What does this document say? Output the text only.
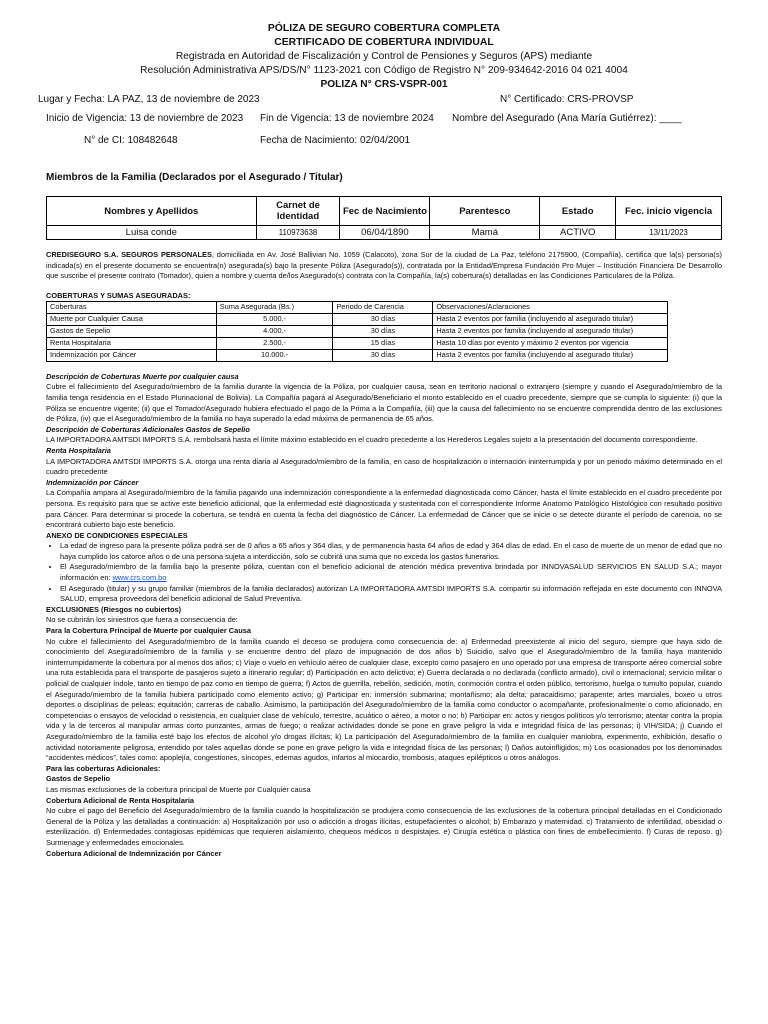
PÓLIZA DE SEGURO COBERTURA COMPLETA
CERTIFICADO DE COBERTURA INDIVIDUAL
Registrada en Autoridad de Fiscalización y Control de Pensiones y Seguros (APS) mediante
Resolución Administrativa APS/DS/N° 1123-2021 con Código de Registro N° 209-934642-2016 04 021 4004
POLIZA N° CRS-VSPR-001
Lugar y Fecha: LA PAZ, 13 de noviembre de 2023	N° Certificado: CRS-PROVSP
Inicio de Vigencia: 13 de noviembre de 2023 Fin de Vigencia: 13 de noviembre 2024 Nombre del Asegurado (Ana María Gutiérrez): ____
N° de CI: 108482648	Fecha de Nacimiento: 02/04/2001
Miembros de la Familia (Declarados por el Asegurado / Titular)
Nombres y Apellidos	Carnet de Identidad	Fec de Nacimiento	Parentesco	Estado	Fec. inicio vigencia
Luisa conde	110973638	06/04/1890	Mamá	ACTIVO	13/11/2023

CREDISEGURO S.A. SEGUROS PERSONALES, domiciliada en Av. José Ballivian No. 1059 (Calacoto), zona Sur de la ciudad de La Paz, teléfono 2175900, (Compañía), certifica que la(s) persona(s) indicada(s) en el presente documento se encuentra(n) asegurada(s) bajo la presente Póliza (Asegurado(s)), contratada por la Entidad/Empresa Fundación Pro Mujer – Institución Financiera De Desarrollo que suscribe el presente contrato (Tomador), quien a nombre y cuenta de/los Asegurado(s) contrata con la Compañía, la(s) cobertura(s) detalladas en las Condiciones Particulares de la Póliza.

COBERTURAS Y SUMAS ASEGURADAS:
Coberturas	Suma Asegurada (Bs.)	Periodo de Carencia	Observaciones/Aclaraciones
Muerte por Cualquier Causa	5.000.-	30 días	Hasta 2 eventos por familia (incluyendo al asegurado titular)
Gastos de Sepelio	4.000.-	30 días	Hasta 2 eventos por familia (incluyendo al asegurado titular)
Renta Hospitalaria	2.500.-	15 días	Hasta 10 días por evento y máximo 2 eventos por vigencia
Indemnización por Cáncer	10.000.-	30 días	Hasta 2 eventos por familia (incluyendo al asegurado titular)

Descripción de Coberturas Muerte por cualquier causa

Cubre el fallecimiento del Asegurado/miembro de la familia durante la vigencia de la Póliza, por cualquier causa, sean en territorio nacional o extranjero (siempre y cuando el Asegurado/miembro de la familia tenga residencia en el Estado Plurinacional de Bolivia). La Compañía pagará al Asegurado/Beneficiario el monto establecido en el cuadro precedente, siempre que se cumpla lo siguiente: (i) que la Póliza se encuentre vigente; (ii) que el Tomador/Asegurado hubiera efectuado el pago de la Prima a la Compañía, (iii) que la causa del fallecimiento no se encuentre comprendida dentro de las exclusiones de Póliza, (iv) que el Asegurado/miembro de la familia no haya superado la edad máxima de permanencia de 65 años.

Descripción de Coberturas Adicionales Gastos de Sepelio

LA IMPORTADORA AMTSDI IMPORTS S.A. rembolsará hasta el límite máximo establecido en el cuadro precedente a los Herederos Legales sujeto a la presentación del documento correspondiente.

Renta Hospitalaria

LA IMPORTADORA AMTSDI IMPORTS S.A. otorga una renta diaria al Asegurado/miembro de la familia, en caso de hospitalización o internación ininterrumpida y por un periodo máximo determinado en el cuadro precedente

Indemnización por Cáncer

La Compañía ampara al Asegurado/miembro de la familia pagando una indemnización correspondiente a la enfermedad diagnosticada como Cáncer, hasta el límite establecido en el cuadro precedente por persona. Es requisito para que se active este beneficio adicional, que la enfermedad esté diagnosticada y sustentada con el correspondiente Informe Anatomo Patológico Histológico con resultado positivo para Cáncer. Para determinar si procede la cobertura, se tendrá en cuenta la fecha del diagnóstico de Cáncer. La enfermedad de Cáncer que se inicie o se detecte durante el período de carencia, no se encontrará cubierto bajo este beneficio.

ANEXO DE CONDICIONES ESPECIALES

• La edad de ingreso para la presente póliza podrá ser de 0 años a 65 años y 364 días, y de permanencia hasta 64 años de edad y 364 días de edad. En el caso de muerte de un menor de edad que no haya cumplido los catorce años o de una persona sujeta a interdicción, solo se cubrirá una suma que no exceda los gastos funerarios.
• El Asegurado/miembro de la familia bajo la presente póliza, cuentan con el beneficio adicional de atención médica preventiva brindada por INNOVASALUD SERVICIOS EN SALUD S.A.; mayor información en: www.crs.com.bo
• El Asegurado (titular) y su grupo familiar (miembros de la familia declarados) autorizan LA IMPORTADORA AMTSDI IMPORTS S.A. compartir su información reflejada en este documento con INNOVA SALUD, empresa proveedora del beneficio adicional de Salud Preventiva.

EXCLUSIONES (Riesgos no cubiertos)

No se cubrirán los siniestros que fuera a consecuencia de:

Para la Cobertura Principal de Muerte por cualquier Causa

No cubre el fallecimiento del Asegurado/miembro de la familia cuando el deceso se produjera como consecuencia de: a) Enfermedad preexistente al inicio del seguro, siempre que haya sido de conocimiento del Asegurado/miembro de la familia y se encuentre dentro del plazo de impugnación de dos años b) Suicidio, salvo que el Asegurado/miembro de la familia haya mantenido ininterrumpidamente la cobertura por al menos dos años; c) Viaje o vuelo en vehículo aéreo de cualquier clase, excepto como pasajero en uno operado por una empresa de transporte aéreo comercial sobre una ruta establecida para el transporte de pasajeros sujeto a itinerario regular; d) Participación en acto delictivo; e) Guerra declarada o no declarada (conflicto armado), civil o internacional; servicio militar o policial de cualquier índole, tanto en tiempo de paz como en tiempo de guerra; f) Actos de guerrilla, rebelión, sedición, motín, conmoción contra el orden público, terrorismo, huelga o tumulto popular, cuando el Asegurado/miembro de la familia hubiera participado como elemento activo; g) Participar en: inmersión submarina; montañismo; ala delta; paracaidismo; parapente; artes marciales, boxeo u otros deportes o disciplinas de peleas; equitación; carreras de caballo. Asimismo, la participación del Asegurado/miembro de la familia como conductor o acompañante, profesionalmente o como aficionado, en competencias o ensayos de velocidad o resistencia, en cualquier clase de vehículo, terrestre, acuático o aéreo, a motor o no; h) Participar en: actos y riesgos políticos y/o terrorismo; atentar contra la propia vida y la de terceros al manipular armas corto punzantes, armas de fuego; o realizar actividades donde se pone en grave peligro la vida e integridad física de las personas; i) VIH/SIDA; j) Cuando el Asegurado/miembro de la familia esté bajo los efectos de alcohol y/o drogas ilícitas; k) La participación del Asegurado/miembro de la familia en cualquier maniobra, experimento, exhibición, desafío o actividad notoriamente peligrosa, entendido por tales aquellas donde se pone en grave peligro la vida e integridad física de las personas; l) Daños autoinfligidos; m) Los ocasionados por los denominados “accidentes médicos”, tales como: apoplejía, congestiones, síncopes, edemas agudos, infartos al miocardio, trombosis, ataques epilépticos u otros análogos.

Para las coberturas Adicionales:

Gastos de Sepelio

Las mismas exclusiones de la cobertura principal de Muerte por Cualquier causa

Cobertura Adicional de Renta Hospitalaria

No cubre el pago del Beneficio del Asegurado/miembro de la familia cuando la hospitalización se produjera como consecuencia de las exclusiones de la cobertura principal detalladas en el Condicionado General de la Póliza y las detalladas a continuación: a) Hospitalización por uso o adicción a drogas ilícitas, estupefacientes o alcohol; b) Embarazo y maternidad. c) Tratamiento de infertilidad, obesidad o esterilización. d) Enfermedades contagiosas epidémicas que requieren aislamiento, chequeos médicos o despistajes. e) Cirugía estética o plástica con fines de embellecimiento. f) Curas de reposo. g) Surmenage y enfermedades emocionales.

Cobertura Adicional de Indemnización por Cáncer
